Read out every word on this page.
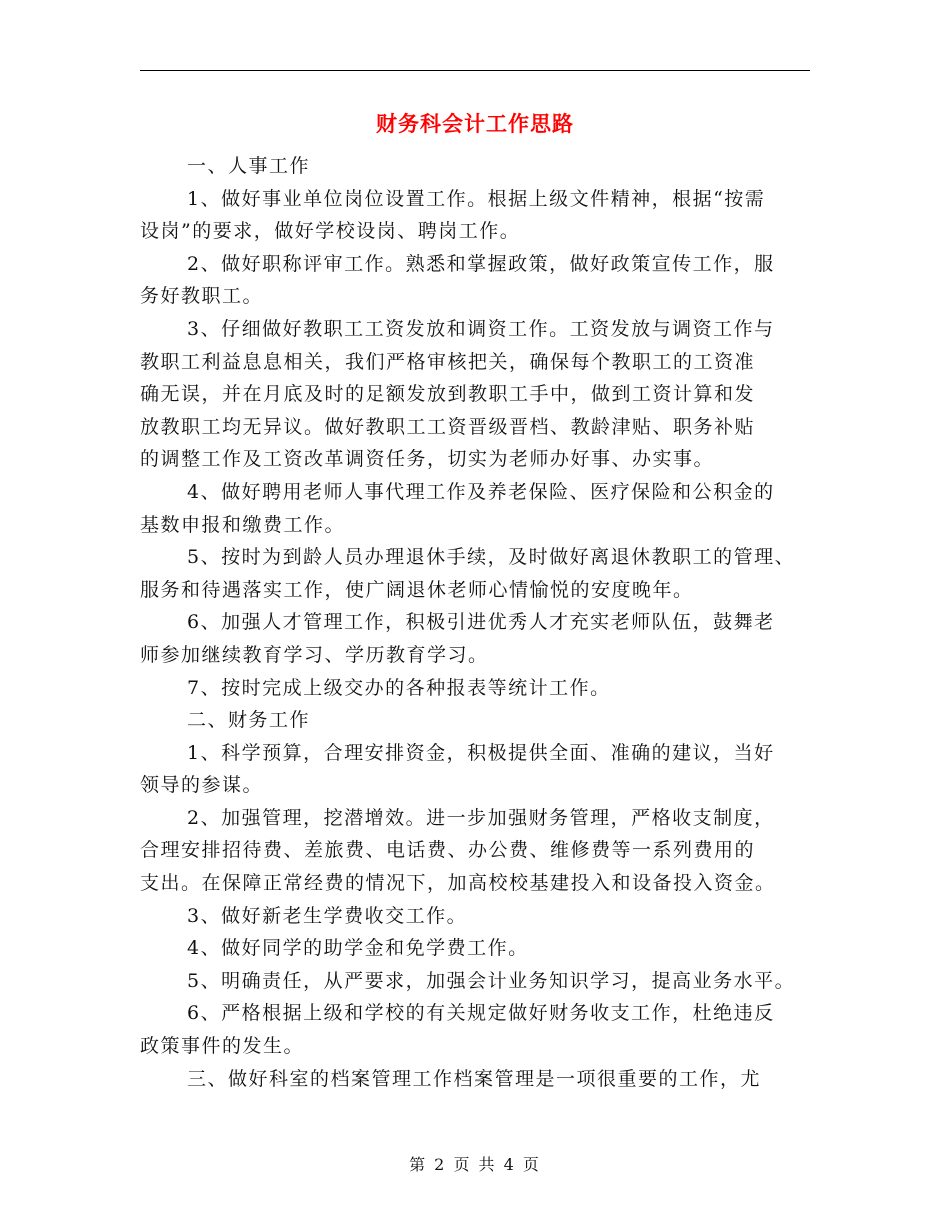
财务科会计工作思路
一、人事工作
1、做好事业单位岗位设置工作。根据上级文件精神，根据“按需
设岗”的要求，做好学校设岗、聘岗工作。
2、做好职称评审工作。熟悉和掌握政策，做好政策宣传工作，服
务好教职工。
3、仔细做好教职工工资发放和调资工作。工资发放与调资工作与
教职工利益息息相关，我们严格审核把关，确保每个教职工的工资准
确无误，并在月底及时的足额发放到教职工手中，做到工资计算和发
放教职工均无异议。做好教职工工资晋级晋档、教龄津贴、职务补贴
的调整工作及工资改革调资任务，切实为老师办好事、办实事。
4、做好聘用老师人事代理工作及养老保险、医疗保险和公积金的
基数申报和缴费工作。
5、按时为到龄人员办理退休手续，及时做好离退休教职工的管理、
服务和待遇落实工作，使广阔退休老师心情愉悦的安度晚年。
6、加强人才管理工作，积极引进优秀人才充实老师队伍，鼓舞老
师参加继续教育学习、学历教育学习。
7、按时完成上级交办的各种报表等统计工作。
二、财务工作
1、科学预算，合理安排资金，积极提供全面、准确的建议，当好
领导的参谋。
2、加强管理，挖潜增效。进一步加强财务管理，严格收支制度，
合理安排招待费、差旅费、电话费、办公费、维修费等一系列费用的
支出。在保障正常经费的情况下，加高校校基建投入和设备投入资金。
3、做好新老生学费收交工作。
4、做好同学的助学金和免学费工作。
5、明确责任，从严要求，加强会计业务知识学习，提高业务水平。
6、严格根据上级和学校的有关规定做好财务收支工作，杜绝违反
政策事件的发生。
三、做好科室的档案管理工作档案管理是一项很重要的工作，尤
第 2 页 共 4 页
